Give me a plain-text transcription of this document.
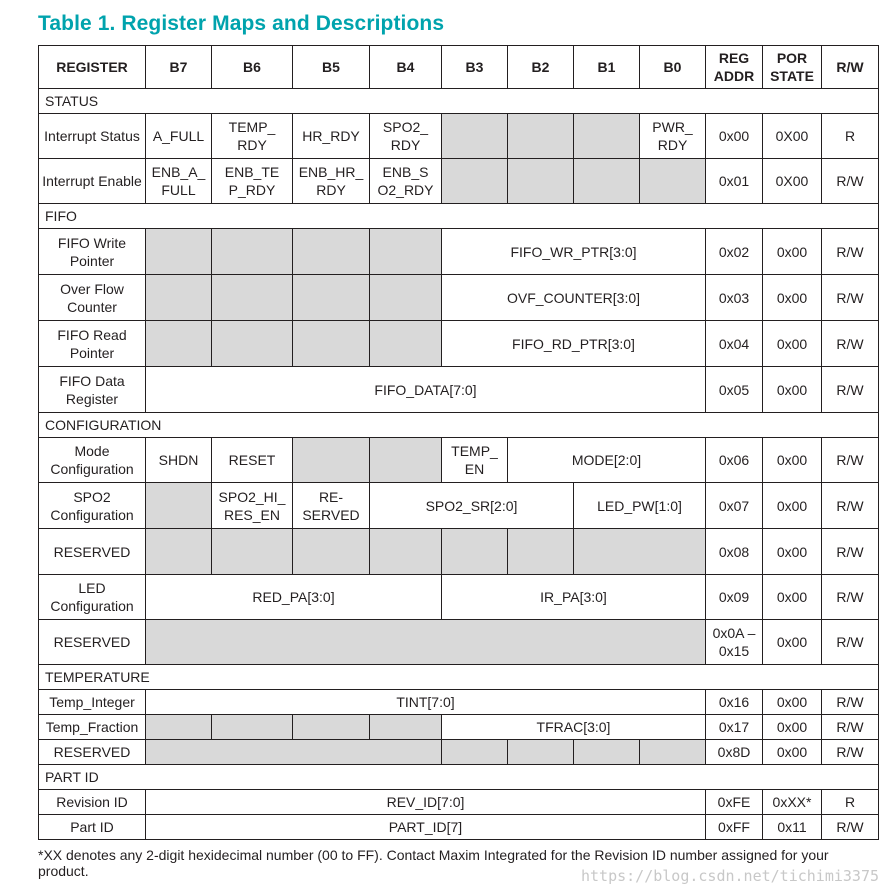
Table 1. Register Maps and Descriptions
REGISTER	B7	B6	B5	B4	B3	B2	B1	B0	REG ADDR	POR STATE	R/W
STATUS											
Interrupt Status	A_FULL	TEMP_ RDY	HR_RDY	SPO2_ RDY				PWR_ RDY	0x00	0X00	R
Interrupt Enable	ENB_A_ FULL	ENB_TE P_RDY	ENB_HR_ RDY	ENB_S O2_RDY					0x01	0X00	R/W
FIFO											
FIFO Write Pointer					FIFO_WR_PTR[3:0]				0x02	0x00	R/W
Over Flow Counter					OVF_COUNTER[3:0]				0x03	0x00	R/W
FIFO Read Pointer					FIFO_RD_PTR[3:0]				0x04	0x00	R/W
FIFO Data Register	FIFO_DATA[7:0]								0x05	0x00	R/W
CONFIGURATION											
Mode Configuration	SHDN	RESET			TEMP_ EN	MODE[2:0]			0x06	0x00	R/W
SPO2 Configuration		SPO2_HI_ RES_EN	RE- SERVED	SPO2_SR[2:0]			LED_PW[1:0]		0x07	0x00	R/W
RESERVED									0x08	0x00	R/W
LED Configuration	RED_PA[3:0]				IR_PA[3:0]				0x09	0x00	R/W
RESERVED									0x0A – 0x15	0x00	R/W
TEMPERATURE											
Temp_Integer	TINT[7:0]								0x16	0x00	R/W
Temp_Fraction					TFRAC[3:0]				0x17	0x00	R/W
RESERVED									0x8D	0x00	R/W
PART ID											
Revision ID	REV_ID[7:0]								0xFE	0xXX*	R
Part ID	PART_ID[7]								0xFF	0x11	R/W
*XX denotes any 2-digit hexidecimal number (00 to FF). Contact Maxim Integrated for the Revision ID number assigned for your product.	https://blog.csdn.net/tichimi3375
